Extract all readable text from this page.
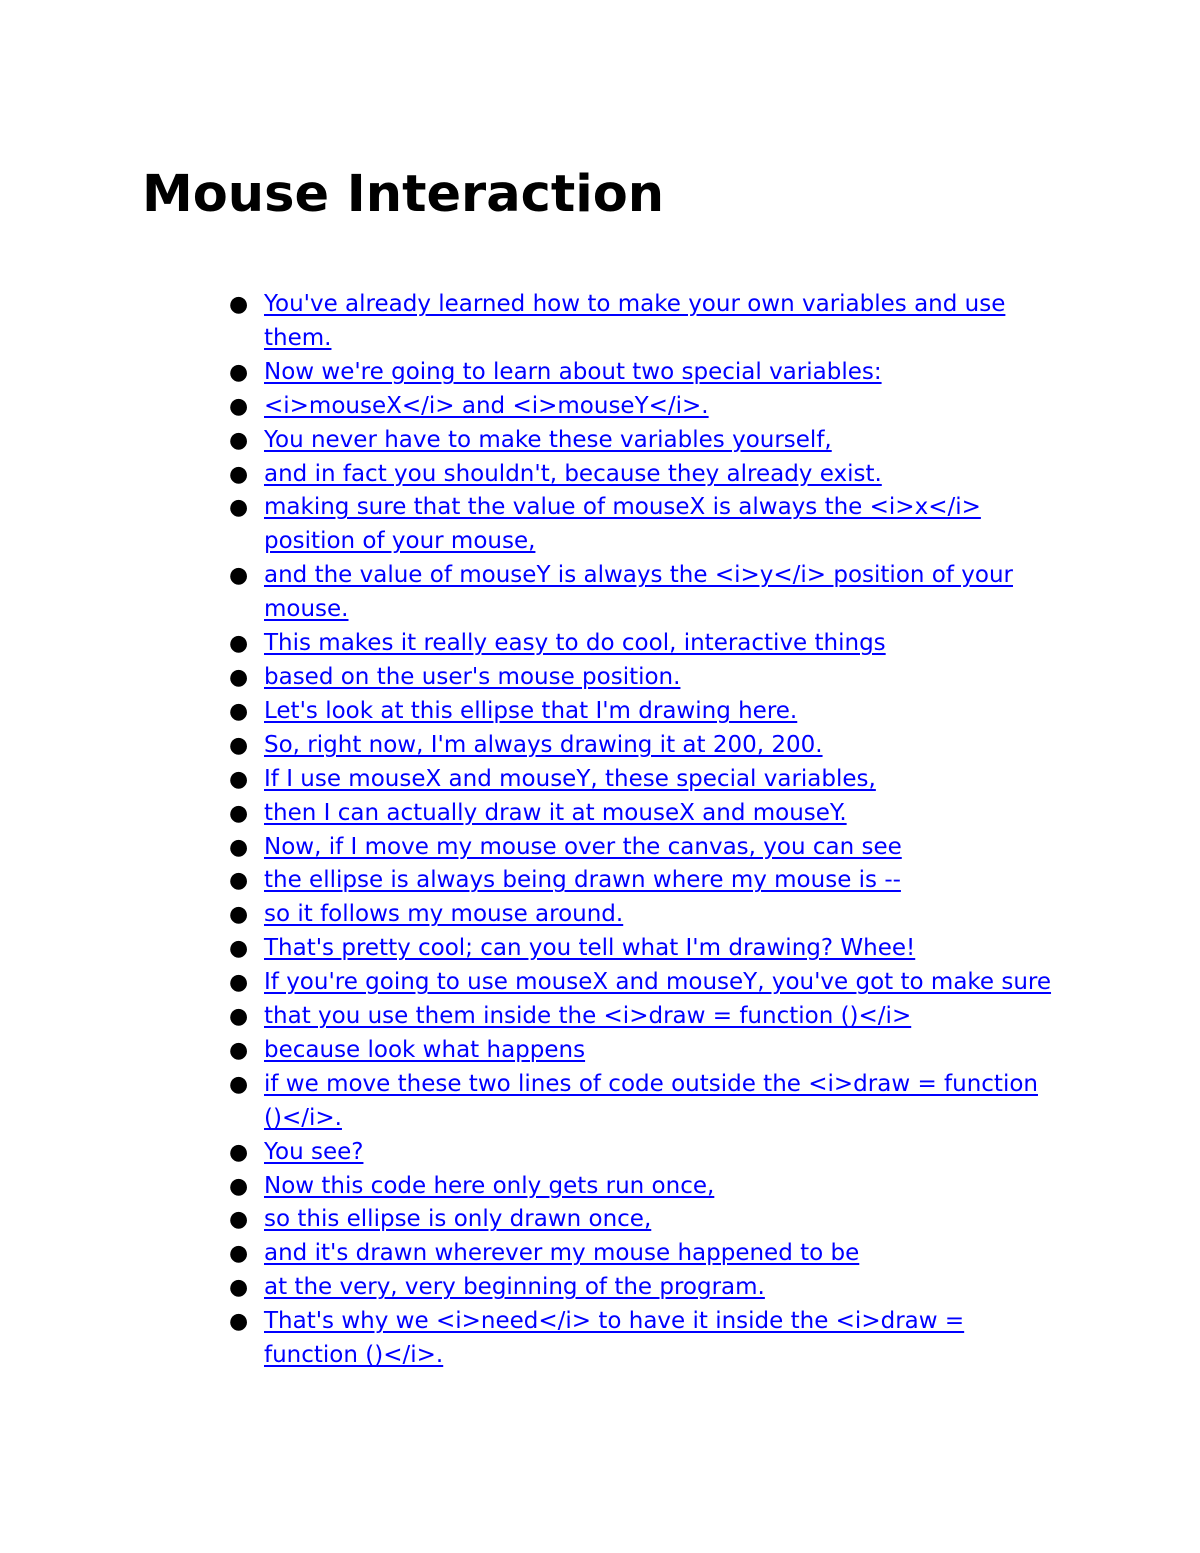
Mouse Interaction
● You've already learned how to make your own variables and use them.
● Now we're going to learn about two special variables:
● <i>mouseX</i> and <i>mouseY</i>.
● You never have to make these variables yourself,
● and in fact you shouldn't, because they already exist.
● making sure that the value of mouseX is always the <i>x</i> position of your mouse,
● and the value of mouseY is always the <i>y</i> position of your mouse.
● This makes it really easy to do cool, interactive things
● based on the user's mouse position.
● Let's look at this ellipse that I'm drawing here.
● So, right now, I'm always drawing it at 200, 200.
● If I use mouseX and mouseY, these special variables,
● then I can actually draw it at mouseX and mouseY.
● Now, if I move my mouse over the canvas, you can see
● the ellipse is always being drawn where my mouse is --
● so it follows my mouse around.
● That's pretty cool; can you tell what I'm drawing? Whee!
● If you're going to use mouseX and mouseY, you've got to make sure
● that you use them inside the <i>draw = function ()</i>
● because look what happens
● if we move these two lines of code outside the <i>draw = function ()</i>.
● You see?
● Now this code here only gets run once,
● so this ellipse is only drawn once,
● and it's drawn wherever my mouse happened to be
● at the very, very beginning of the program.
● That's why we <i>need</i> to have it inside the <i>draw = function ()</i>.
